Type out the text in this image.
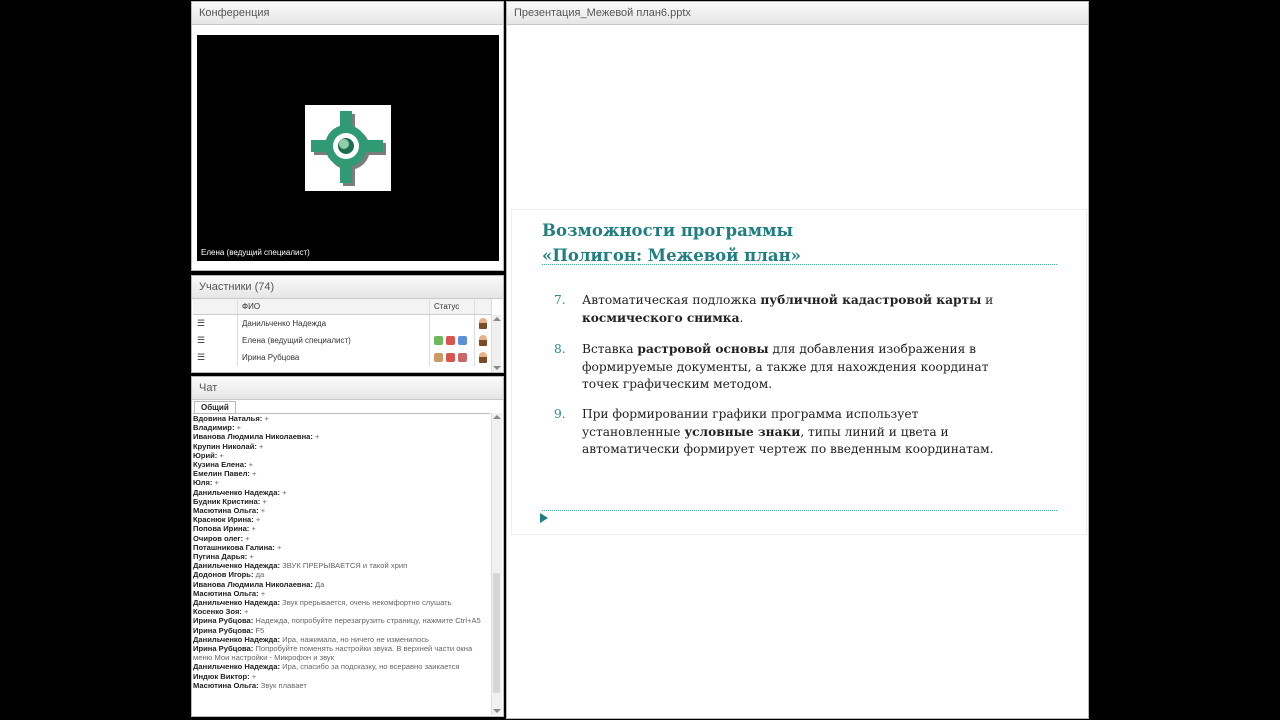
Конференция
Елена (ведущий специалист)
Участники (74)
	ФИО	Статус	
☰	Данильченко Надежда		
☰	Елена (ведущий специалист)		
☰	Ирина Рубцова		
Чат
Общий
Вдовина Наталья: +
Владимир: +
Иванова Людмила Николаевна: +
Крупин Николай: +
Юрий: +
Кузина Елена: +
Емелин Павел: +
Юля: +
Данильченко Надежда: +
Будник Кристина: +
Масютина Ольга: +
Краснюк Ирина: +
Попова Ирина: +
Очиров олег: +
Поташникова Галина: +
Пугина Дарья: +
Данильченко Надежда: ЗВУК ПРЕРЫВАЕТСЯ и такой хрип
Додонов Игорь: да
Иванова Людмила Николаевна: Да
Масютина Ольга: +
Данильченко Надежда: Звук прерывается, очень некомфортно слушать
Косенко Зоя: +
Ирина Рубцова: Надежда, попробуйте перезагрузить страницу, нажмите Ctrl+A5
Ирина Рубцова: F5
Данильченко Надежда: Ира, нажимала, но ничего не изменилось
Ирина Рубцова: Попробуйте поменять настройки звука. В верхней части окна меню Мои настройки - Микрофон и звук
Данильченко Надежда: Ира, спасибо за подсказку, но всеравно заикается
Индюк Виктор: +
Масютина Ольга: Звук плавает
Презентация_Межевой план6.pptx
Возможности программы
«Полигон: Межевой план»
7. Автоматическая подложка публичной кадастровой карты и космического снимка.
8. Вставка растровой основы для добавления изображения в формируемые документы, а также для нахождения координат точек графическим методом.
9. При формировании графики программа использует установленные условные знаки, типы линий и цвета и автоматически формирует чертеж по введенным координатам.
